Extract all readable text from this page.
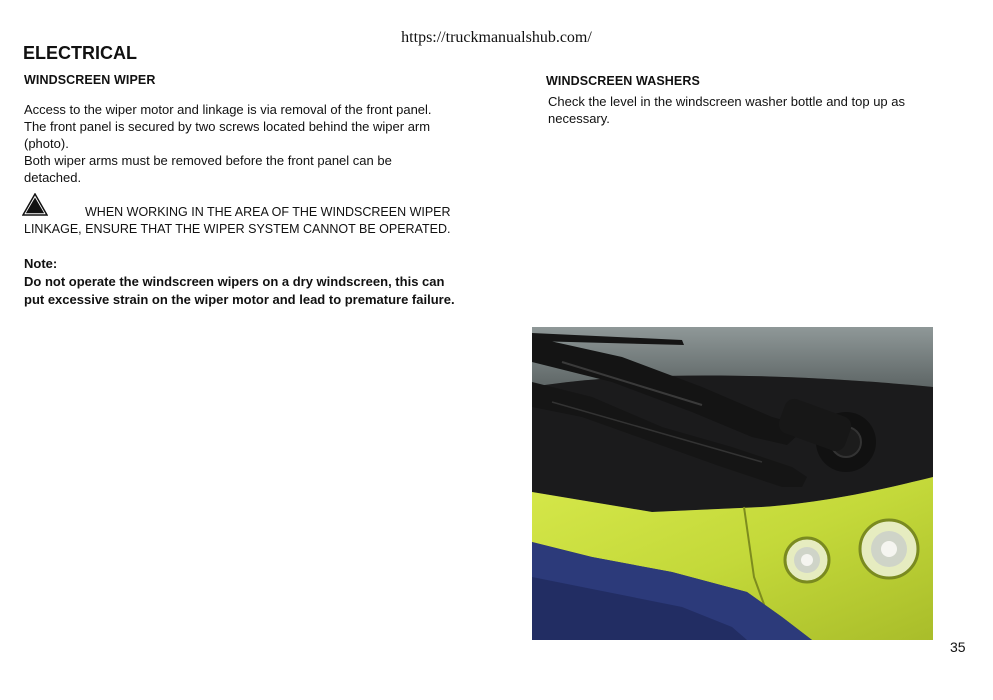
https://truckmanualshub.com/
ELECTRICAL
WINDSCREEN WIPER

Access to the wiper motor and linkage is via removal of the front panel.

The front panel is secured by two screws located behind the wiper arm

(photo).

Both wiper arms must be removed before the front panel can be

detached.

WHEN WORKING IN THE AREA OF THE WINDSCREEN WIPER
LINKAGE, ENSURE THAT THE WIPER SYSTEM CANNOT BE OPERATED.
Note:
Do not operate the windscreen wipers on a dry windscreen, this can
put excessive strain on the wiper motor and lead to premature failure.
WINDSCREEN WASHERS

Check the level in the windscreen washer bottle and top up as

necessary.

35
